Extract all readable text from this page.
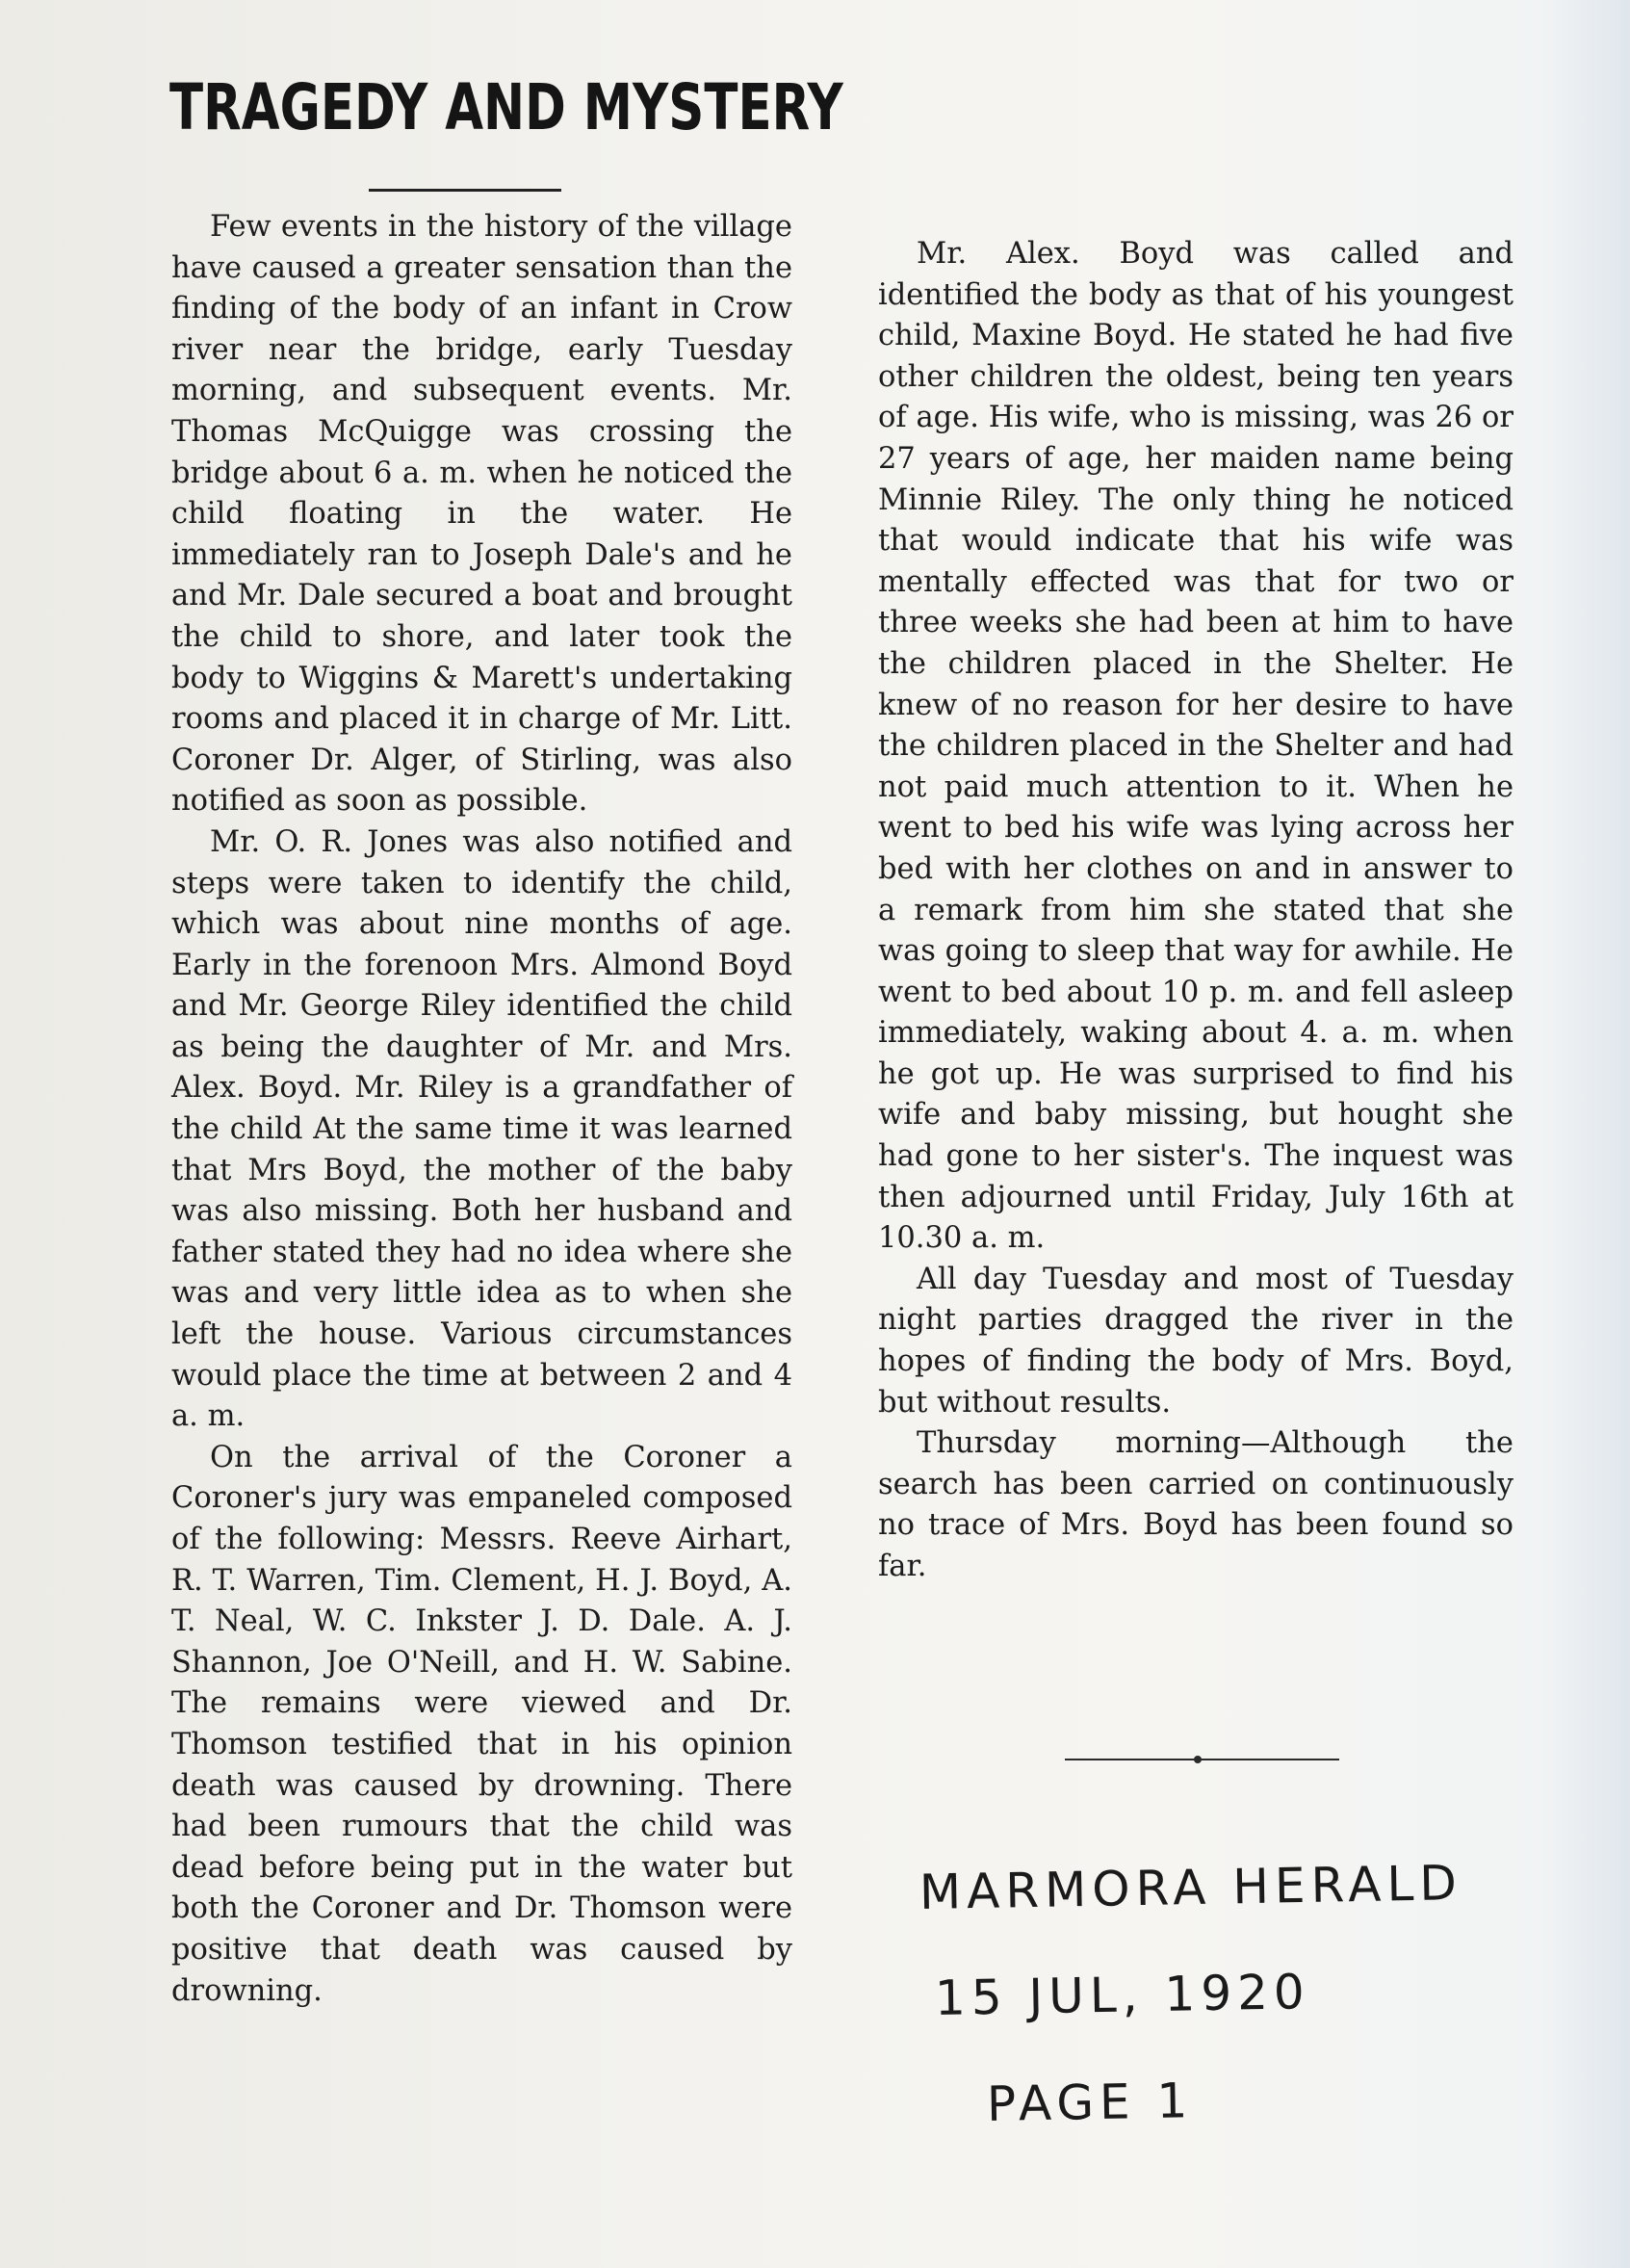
TRAGEDY AND MYSTERY

Few events in the history of the village have caused a greater sensation than the finding of the body of an infant in Crow river near the bridge, early Tuesday morning, and subsequent events. Mr. Thomas McQuigge was crossing the bridge about 6 a. m. when he noticed the child floating in the water. He immediately ran to Joseph Dale's and he and Mr. Dale secured a boat and brought the child to shore, and later took the body to Wiggins & Marett's undertaking rooms and placed it in charge of Mr. Litt. Coroner Dr. Alger, of Stirling, was also notified as soon as possible.

Mr. O. R. Jones was also notified and steps were taken to identify the child, which was about nine months of age. Early in the forenoon Mrs. Almond Boyd and Mr. George Riley identified the child as being the daughter of Mr. and Mrs. Alex. Boyd. Mr. Riley is a grandfather of the child At the same time it was learned that Mrs Boyd, the mother of the baby was also missing. Both her husband and father stated they had no idea where she was and very little idea as to when she left the house. Various circumstances would place the time at between 2 and 4 a. m.

On the arrival of the Coroner a Coroner's jury was empaneled composed of the following: Messrs. Reeve Airhart, R. T. Warren, Tim. Clement, H. J. Boyd, A. T. Neal, W. C. Inkster J. D. Dale. A. J. Shannon, Joe O'Neill, and H. W. Sabine. The remains were viewed and Dr. Thomson testified that in his opinion death was caused by drowning. There had been rumours that the child was dead before being put in the water but both the Coroner and Dr. Thomson were positive that death was caused by drowning.

Mr. Alex. Boyd was called and identified the body as that of his youngest child, Maxine Boyd. He stated he had five other children the oldest, being ten years of age. His wife, who is missing, was 26 or 27 years of age, her maiden name being Minnie Riley. The only thing he noticed that would indicate that his wife was mentally effected was that for two or three weeks she had been at him to have the children placed in the Shelter. He knew of no reason for her desire to have the children placed in the Shelter and had not paid much attention to it. When he went to bed his wife was lying across her bed with her clothes on and in answer to a remark from him she stated that she was going to sleep that way for awhile. He went to bed about 10 p. m. and fell asleep immediately, waking about 4. a. m. when he got up. He was surprised to find his wife and baby missing, but hought she had gone to her sister's. The inquest was then adjourned until Friday, July 16th at 10.30 a. m.

All day Tuesday and most of Tuesday night parties dragged the river in the hopes of finding the body of Mrs. Boyd, but without results.

Thursday morning—Although the search has been carried on continuously no trace of Mrs. Boyd has been found so far.

MARMORA HERALD
15 JUL, 1920
PAGE 1
